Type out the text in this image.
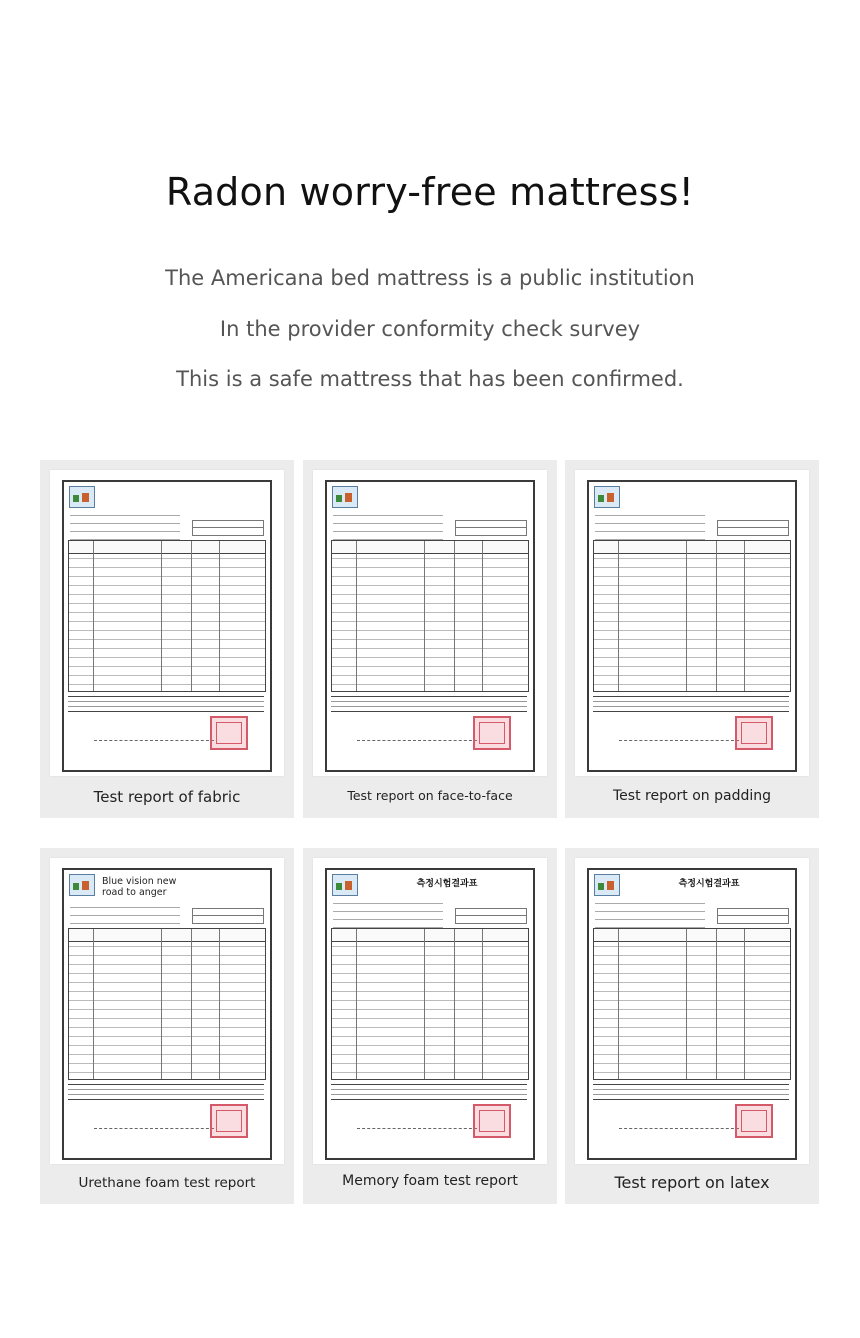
Radon worry-free mattress!
The Americana bed mattress is a public institution
In the provider conformity check survey
This is a safe mattress that has been confirmed.
Test report of fabric	Test report on face-to-face	Test report on padding
Blue vision new road to anger
Urethane foam test report
측정시험결과표
Memory foam test report
측정시험결과표
Test report on latex
